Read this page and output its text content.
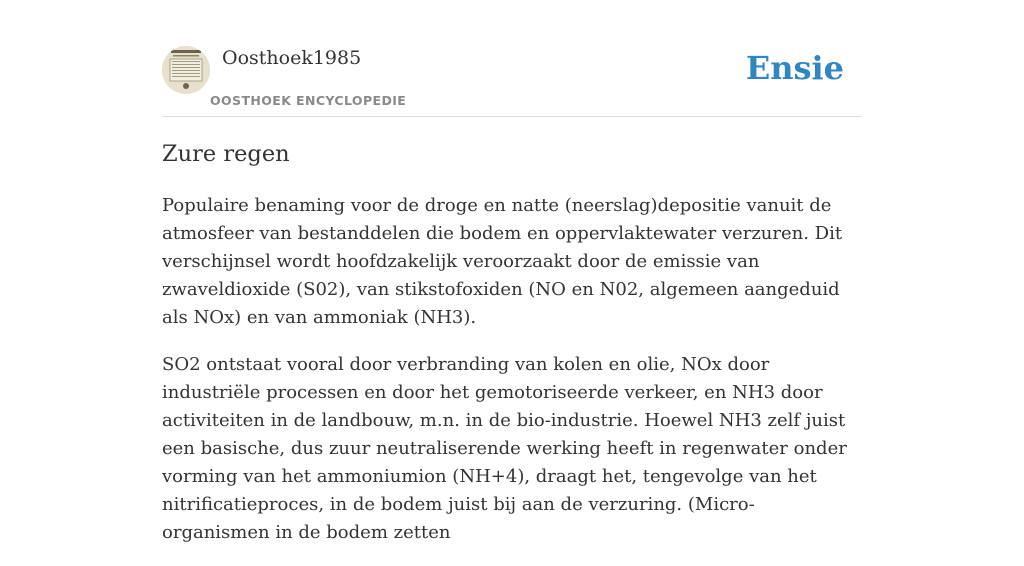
Oosthoek1985
OOSTHOEK ENCYCLOPEDIE
Ensie
Zure regen

Populaire benaming voor de droge en natte (neerslag)depositie vanuit de atmosfeer van bestanddelen die bodem en oppervlaktewater verzuren. Dit verschijnsel wordt hoofdzakelijk veroorzaakt door de emissie van zwaveldioxide (S02), van stikstofoxiden (NO en N02, algemeen aangeduid als NOx) en van ammoniak (NH3).

SO2 ontstaat vooral door verbranding van kolen en olie, NOx door industriële processen en door het gemotoriseerde verkeer, en NH3 door activiteiten in de landbouw, m.n. in de bio-industrie. Hoewel NH3 zelf juist een basische, dus zuur neutraliserende werking heeft in regenwater onder vorming van het ammoniumion (NH+4), draagt het, tengevolge van het nitrificatieproces, in de bodem juist bij aan de verzuring. (Micro-organismen in de bodem zetten
